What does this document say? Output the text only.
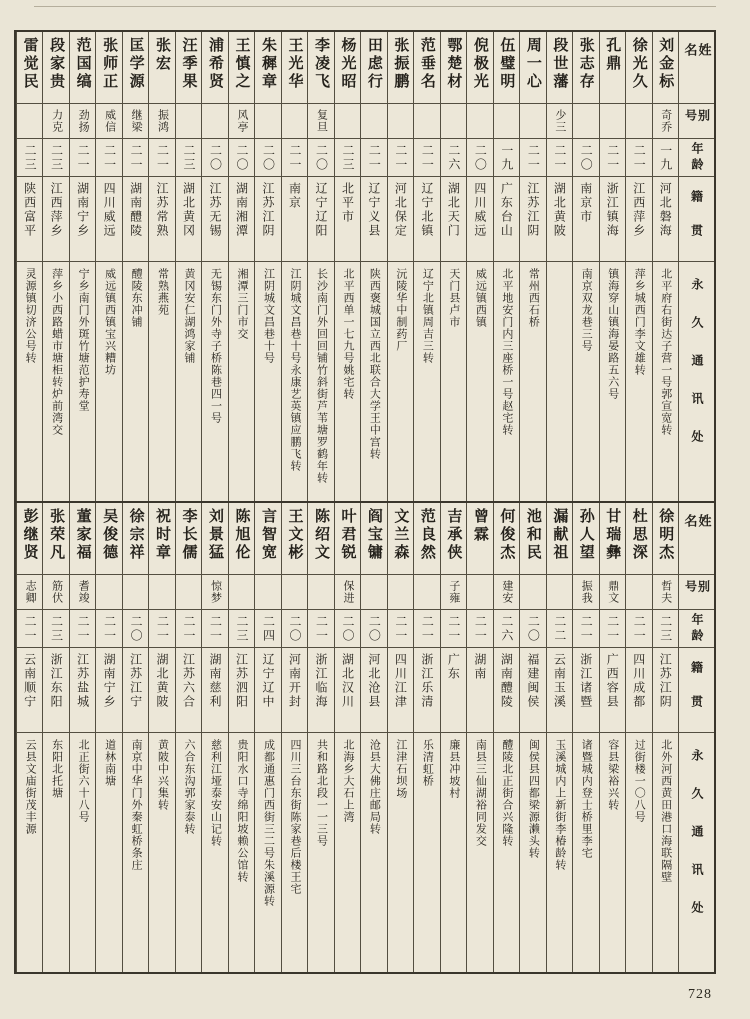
姓名
别号
年龄
籍贯
永久通讯处
刘金标
奇乔
一九
河北磐海
北平府右街达子营一号郭宣宽转
徐光久
二一
江西萍乡
萍乡城西门李文雄转
孔鼎
二一
浙江镇海
镇海穿山镇海晏路五六号
张志存
二〇
南京市
南京双龙巷三号
段世藩
少三
二一
湖北黄陂
周一心
二一
江苏江阴
常州西石桥
伍璧明
一九
广东台山
北平地安门内三座桥一号赵宅转
倪极光
二〇
四川威远
威远镇西镇
鄂楚材
二六
湖北天门
天门县卢市
范垂名
二一
辽宁北镇
辽宁北镇周吉三转
张振鹏
二一
河北保定
沅陵华中制药厂
田虑行
二一
辽宁义县
陕西褒城国立西北联合大学王中宫转
杨光昭
二三
北平市
北平西单一七九号姚宅转
李凌飞
复旦
二〇
辽宁辽阳
长沙南门外回回铺竹斜街芦苇塘罗鹤年转
王光华
二一
南京
江阴城文昌巷十号永康艺英镇应鹏飞转
朱穉章
二〇
江苏江阴
江阴城文昌巷十号
王慎之
风亭
二〇
湖南湘潭
湘潭三门市交
浦希贤
二〇
江苏无锡
无锡东门外寺子桥陈巷四一号
汪季果
二三
湖北黄冈
黄冈安仁湖鸿家铺
张宏
振鸿
二一
江苏常熟
常熟燕苑
匡学源
继梁
二一
湖南醴陵
醴陵东冲铺
张师正
威信
二一
四川威远
威远镇西镇宝兴糟坊
范国缟
劲扬
二一
湖南宁乡
宁乡南门外斑竹塘范护寿堂
段家贵
力克
二三
江西萍乡
萍乡小西路蜡市塘柜转炉前湾交
雷觉民
二三
陕西富平
灵源镇切济公号转
姓名
别号
年龄
籍贯
永久通讯处
徐明杰
哲夫
二三
江苏江阴
北外河西黄田港口海联隔壁
杜思深
二一
四川成都
过街楼一〇八号
甘瑞彝
鼎文
二一
广西容县
容县梁裕兴转
孙人望
振我
二一
浙江诸暨
诸暨城内登士桥里李宅
漏献祖
二二
云南玉溪
玉溪城内上新街李椿龄转
池和民
二〇
福建闽侯
闽侯县四都梁源濑头转
何俊杰
建安
二六
湖南醴陵
醴陵北正街合兴隆转
曾霖
二一
湖南
南县三仙湖裕同发交
吉承侠
子雍
二一
广东
廉县冲坡村
范良然
二一
浙江乐清
乐清虹桥
文兰森
二一
四川江津
江津石坝场
阎宝镛
二〇
河北沧县
沧县大佛庄邮局转
叶君锐
保进
二〇
湖北汉川
北海乡大石上湾
陈绍文
二一
浙江临海
共和路北段一一三号
王文彬
二〇
河南开封
四川三台东街陈家巷后楼王宅
言智宽
二四
辽宁辽中
成都通惠门西街三二号朱溪源转
陈旭伦
二三
江苏泗阳
贵阳水口寺绵阳坡赖公馆转
刘景猛
惊梦
二一
湖南慈利
慈利江垭泰安山记转
李长儒
二一
江苏六合
六合东沟郭家泰转
祝时章
二一
湖北黄陂
黄陂中兴集转
徐宗祥
二〇
江苏江宁
南京中华门外秦虹桥条庄
吴俊德
二一
湖南宁乡
道林南塘
董家福
耆竣
二一
江苏盐城
北正街六十八号
张荣凡
筋伏
二三
浙江东阳
东阳北托塘
彭继贤
志卿
二一
云南顺宁
云县文庙街茂丰源
728
